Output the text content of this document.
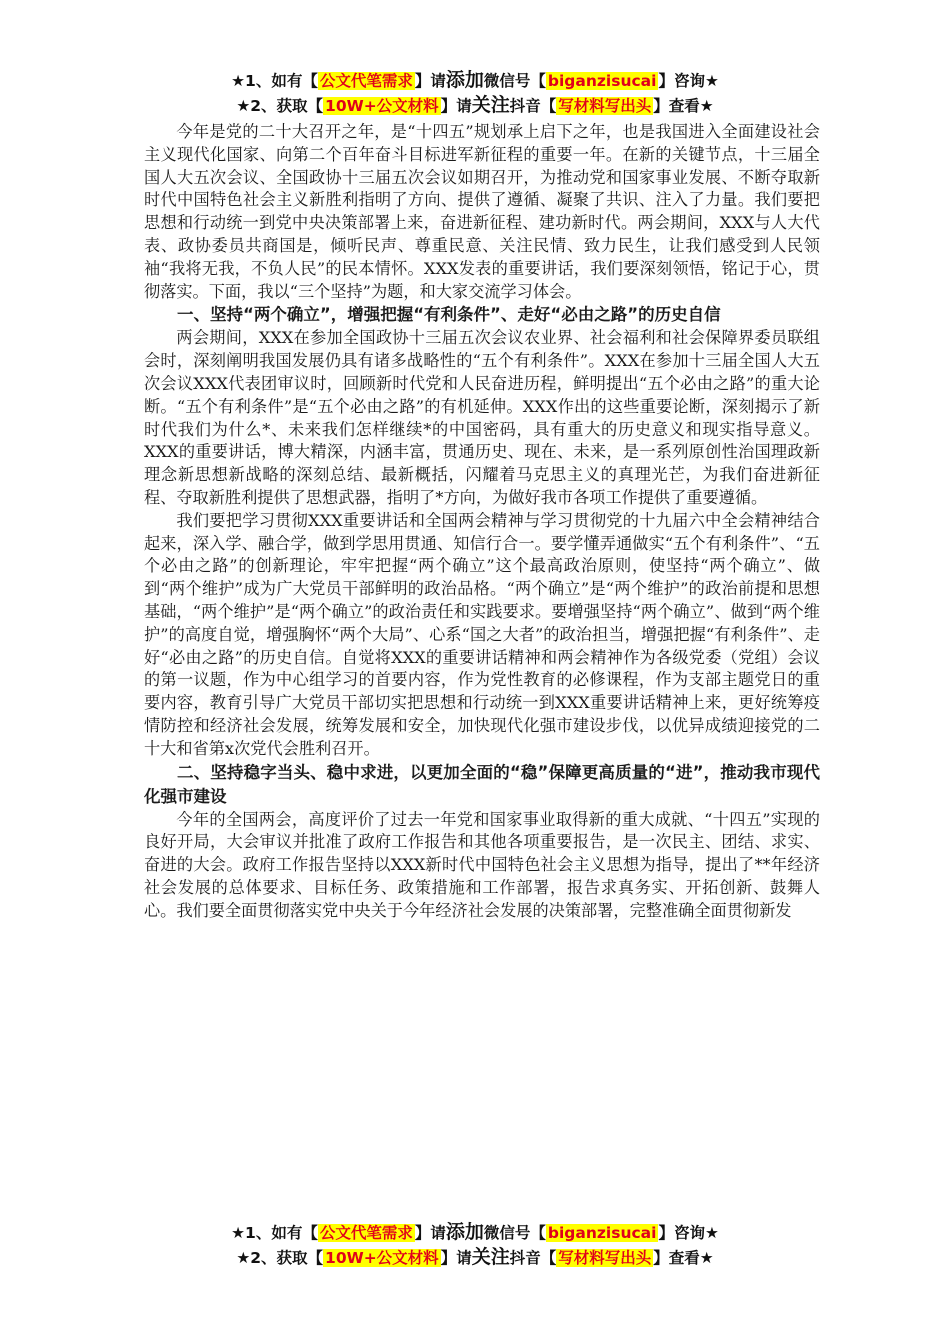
★1、如有【 公文代笔需求 】请添加微信号【 biganzisucai 】咨询★
★2、获取【 10W+公文材料 】请关注抖音【 写材料写出头 】查看★

今年是党的二十大召开之年，是“十四五”规划承上启下之年，也是我国进入全面建设社会主义现代化国家、向第二个百年奋斗目标进军新征程的重要一年。在新的关键节点，十三届全国人大五次会议、全国政协十三届五次会议如期召开，为推动党和国家事业发展、不断夺取新时代中国特色社会主义新胜利指明了方向、提供了遵循、凝聚了共识、注入了力量。我们要把思想和行动统一到党中央决策部署上来，奋进新征程、建功新时代。两会期间，XXX与人大代表、政协委员共商国是，倾听民声、尊重民意、关注民情、致力民生，让我们感受到人民领袖“我将无我，不负人民”的民本情怀。XXX发表的重要讲话，我们要深刻领悟，铭记于心，贯彻落实。下面，我以“三个坚持”为题，和大家交流学习体会。

一、坚持“两个确立”，增强把握“有利条件”、走好“必由之路”的历史自信

两会期间，XXX在参加全国政协十三届五次会议农业界、社会福利和社会保障界委员联组会时，深刻阐明我国发展仍具有诸多战略性的“五个有利条件”。XXX在参加十三届全国人大五次会议XXX代表团审议时，回顾新时代党和人民奋进历程，鲜明提出“五个必由之路”的重大论断。“五个有利条件”是“五个必由之路”的有机延伸。XXX作出的这些重要论断，深刻揭示了新时代我们为什么*、未来我们怎样继续*的中国密码，具有重大的历史意义和现实指导意义。XXX的重要讲话，博大精深，内涵丰富，贯通历史、现在、未来，是一系列原创性治国理政新理念新思想新战略的深刻总结、最新概括，闪耀着马克思主义的真理光芒，为我们奋进新征程、夺取新胜利提供了思想武器，指明了*方向，为做好我市各项工作提供了重要遵循。

我们要把学习贯彻XXX重要讲话和全国两会精神与学习贯彻党的十九届六中全会精神结合起来，深入学、融合学，做到学思用贯通、知信行合一。要学懂弄通做实“五个有利条件”、“五个必由之路”的创新理论，牢牢把握“两个确立”这个最高政治原则，使坚持“两个确立”、做到“两个维护”成为广大党员干部鲜明的政治品格。“两个确立”是“两个维护”的政治前提和思想基础，“两个维护”是“两个确立”的政治责任和实践要求。要增强坚持“两个确立”、做到“两个维护”的高度自觉，增强胸怀“两个大局”、心系“国之大者”的政治担当，增强把握“有利条件”、走好“必由之路”的历史自信。自觉将XXX的重要讲话精神和两会精神作为各级党委（党组）会议的第一议题，作为中心组学习的首要内容，作为党性教育的必修课程，作为支部主题党日的重要内容，教育引导广大党员干部切实把思想和行动统一到XXX重要讲话精神上来，更好统筹疫情防控和经济社会发展，统筹发展和安全，加快现代化强市建设步伐，以优异成绩迎接党的二十大和省第x次党代会胜利召开。

二、坚持稳字当头、稳中求进，以更加全面的“稳”保障更高质量的“进”，推动我市现代化强市建设

今年的全国两会，高度评价了过去一年党和国家事业取得新的重大成就、“十四五”实现的良好开局，大会审议并批准了政府工作报告和其他各项重要报告，是一次民主、团结、求实、奋进的大会。政府工作报告坚持以XXX新时代中国特色社会主义思想为指导，提出了**年经济社会发展的总体要求、目标任务、政策措施和工作部署，报告求真务实、开拓创新、鼓舞人心。我们要全面贯彻落实党中央关于今年经济社会发展的决策部署，完整准确全面贯彻新发

★1、如有【 公文代笔需求 】请添加微信号【 biganzisucai 】咨询★
★2、获取【 10W+公文材料 】请关注抖音【 写材料写出头 】查看★
